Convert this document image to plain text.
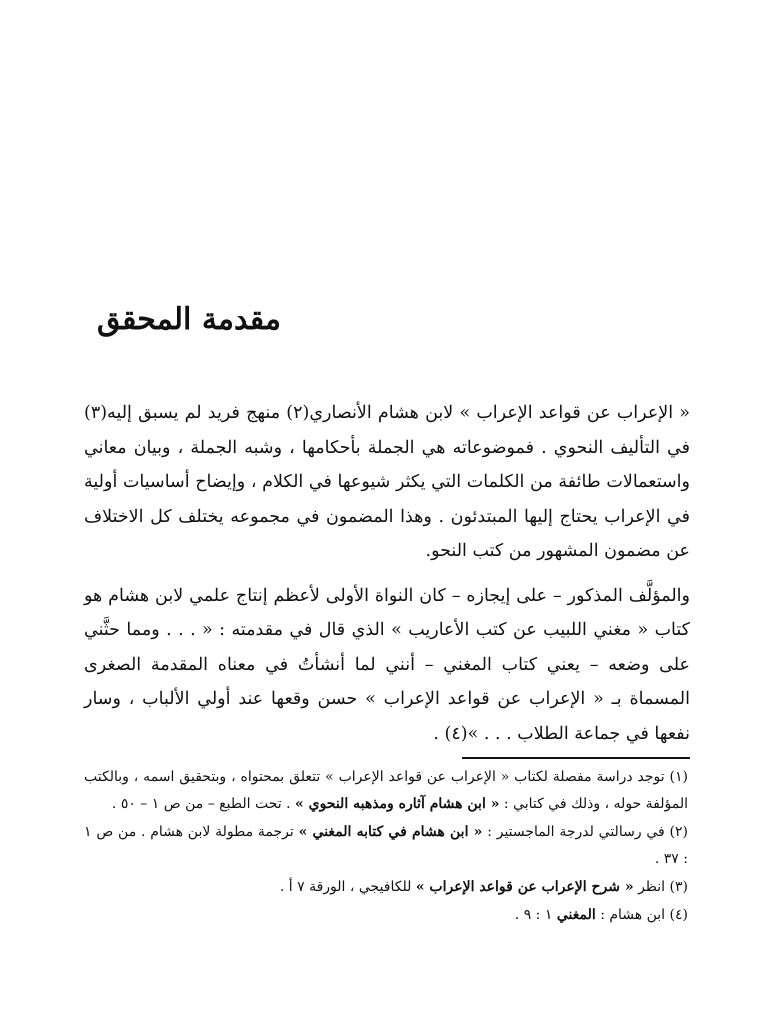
مقدمة المحقق

« الإعراب عن قواعد الإعراب » لابن هشام الأنصاري(٢) منهج فريد لم يسبق إليه(٣) في التأليف النحوي . فموضوعاته هي الجملة بأحكامها ، وشبه الجملة ، وبيان معاني واستعمالات طائفة من الكلمات التي يكثر شيوعها في الكلام ، وإيضاح أساسيات أولية في الإعراب يحتاج إليها المبتدئون . وهذا المضمون في مجموعه يختلف كل الاختلاف عن مضمون المشهور من كتب النحو.

والمؤلَّف المذكور – على إيجازه – كان النواة الأولى لأعظم إنتاج علمي لابن هشام هو كتاب « مغني اللبيب عن كتب الأعاريب » الذي قال في مقدمته : « . . . ومما حثَّني على وضعه – يعني كتاب المغني – أنني لما أنشأتُ في معناه المقدمة الصغرى المسماة بـ « الإعراب عن قواعد الإعراب » حسن وقعها عند أولي الألباب ، وسار نفعها في جماعة الطلاب . . . »(٤) .

(١) توجد دراسة مفصلة لكتاب « الإعراب عن قواعد الإعراب » تتعلق بمحتواه ، وبتحقيق اسمه ، وبالكتب المؤلفة حوله ، وذلك في كتابي : « ابن هشام آثاره ومذهبه النحوي » . تحت الطبع – من ص ١ – ٥٠ .

(٢) في رسالتي لدرجة الماجستير : « ابن هشام في كتابه المغني » ترجمة مطولة لابن هشام . من ص ١ : ٣٧ .

(٣) انظر « شرح الإعراب عن قواعد الإعراب » للكافيجي ، الورقة ٧ أ .

(٤) ابن هشام : المغني ١ : ٩ .
